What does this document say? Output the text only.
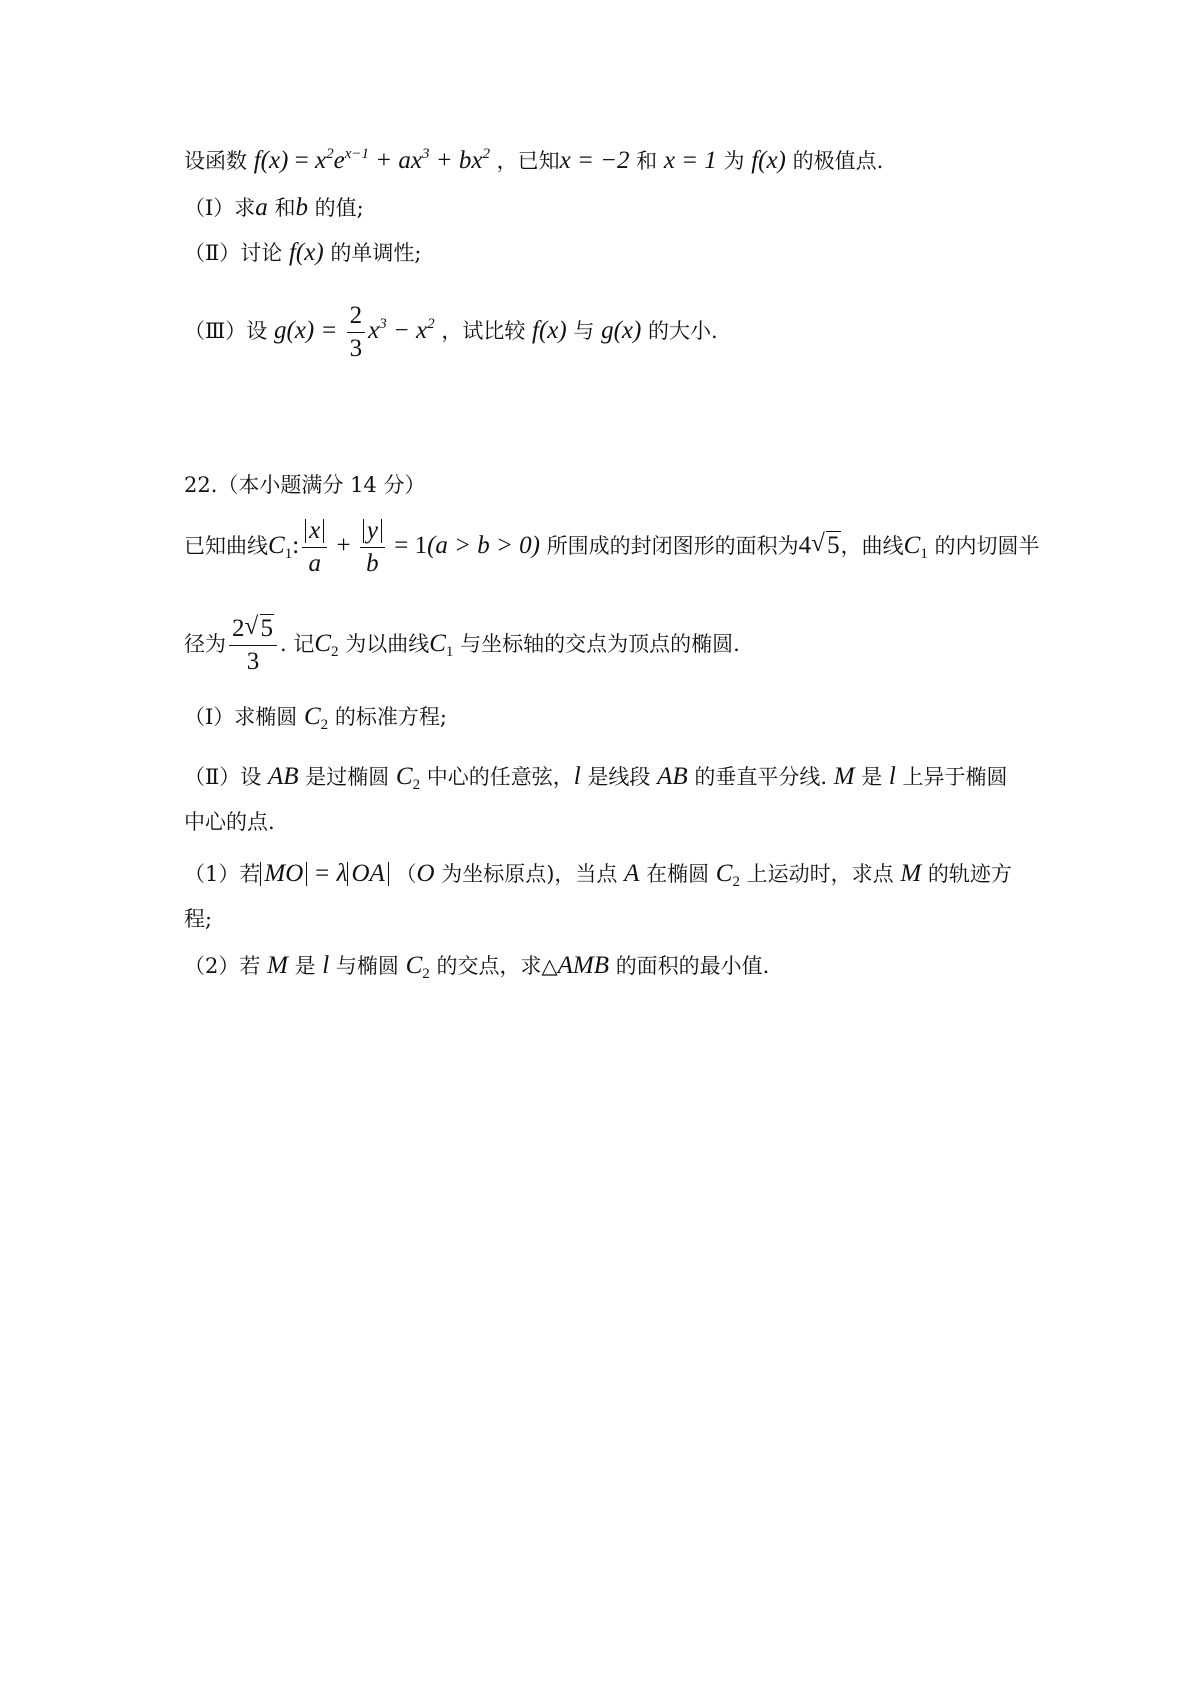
设函数 $f(x) = x^2e^{x-1} + ax^3 + bx^2$ ，已知x = −2 和 x = 1 为 f(x) 的极值点.
（Ⅰ）求a 和b 的值;
（Ⅱ）讨论 f(x) 的单调性;
（Ⅲ）设 $g(x) = \frac{2}{3} x^3 - x^2$ ，试比较 f(x) 与 g(x) 的大小.
22.（本小题满分 14 分）
已知曲线$C_1$: $\frac{x}{a} + \frac{y}{b} = 1(a > b > 0)$ 所围成的封闭图形的面积为4 √ 5，曲线$C_1$ 的内切圆半
径为 $\frac{2 √ 5}{3}$ . 记$C_2$ 为以曲线$C_1$ 与坐标轴的交点为顶点的椭圆.
（Ⅰ）求椭圆 $C_2$ 的标准方程;
（Ⅱ）设 AB 是过椭圆 $C_2$ 中心的任意弦，l 是线段 AB 的垂直平分线. M 是 l 上异于椭圆
中心的点.
（1）若 MO = λ OA （O 为坐标原点)，当点 A 在椭圆 $C_2$ 上运动时，求点 M 的轨迹方
程;
（2）若 M 是 l 与椭圆 $C_2$ 的交点，求△AMB 的面积的最小值.
